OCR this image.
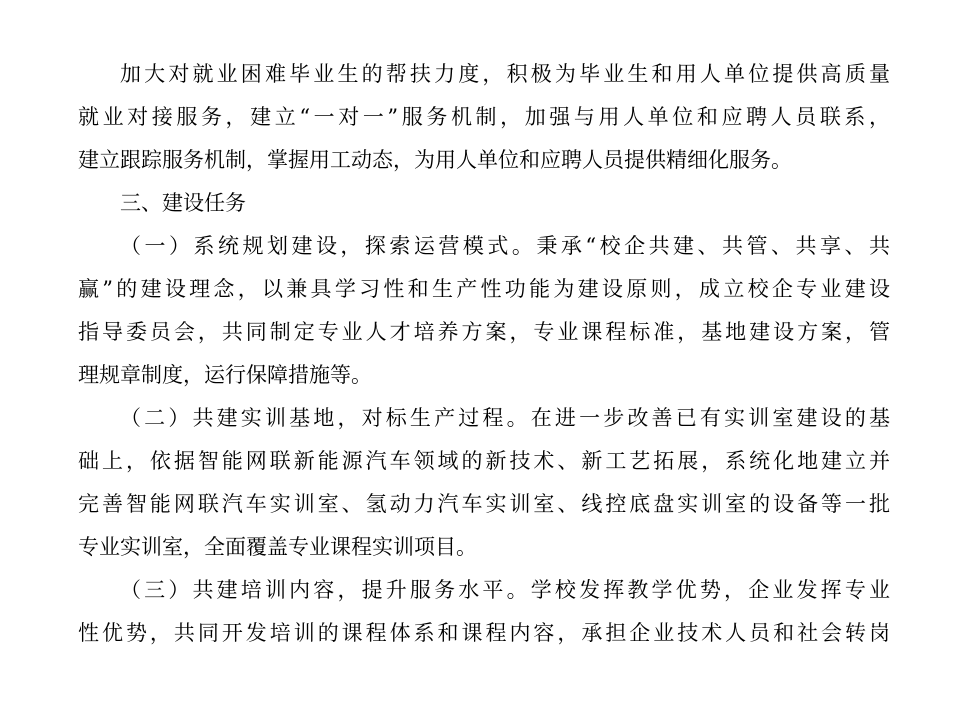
加大对就业困难毕业生的帮扶力度，积极为毕业生和用人单位提供高质量
就业对接服务，建立“一对一”服务机制，加强与用人单位和应聘人员联系，
建立跟踪服务机制，掌握用工动态，为用人单位和应聘人员提供精细化服务。
三、建设任务
（一）系统规划建设，探索运营模式。秉承“校企共建、共管、共享、共
赢”的建设理念，以兼具学习性和生产性功能为建设原则，成立校企专业建设
指导委员会，共同制定专业人才培养方案，专业课程标准，基地建设方案，管
理规章制度，运行保障措施等。
（二）共建实训基地，对标生产过程。在进一步改善已有实训室建设的基
础上，依据智能网联新能源汽车领域的新技术、新工艺拓展，系统化地建立并
完善智能网联汽车实训室、氢动力汽车实训室、线控底盘实训室的设备等一批
专业实训室，全面覆盖专业课程实训项目。
（三）共建培训内容，提升服务水平。学校发挥教学优势，企业发挥专业
性优势，共同开发培训的课程体系和课程内容，承担企业技术人员和社会转岗
